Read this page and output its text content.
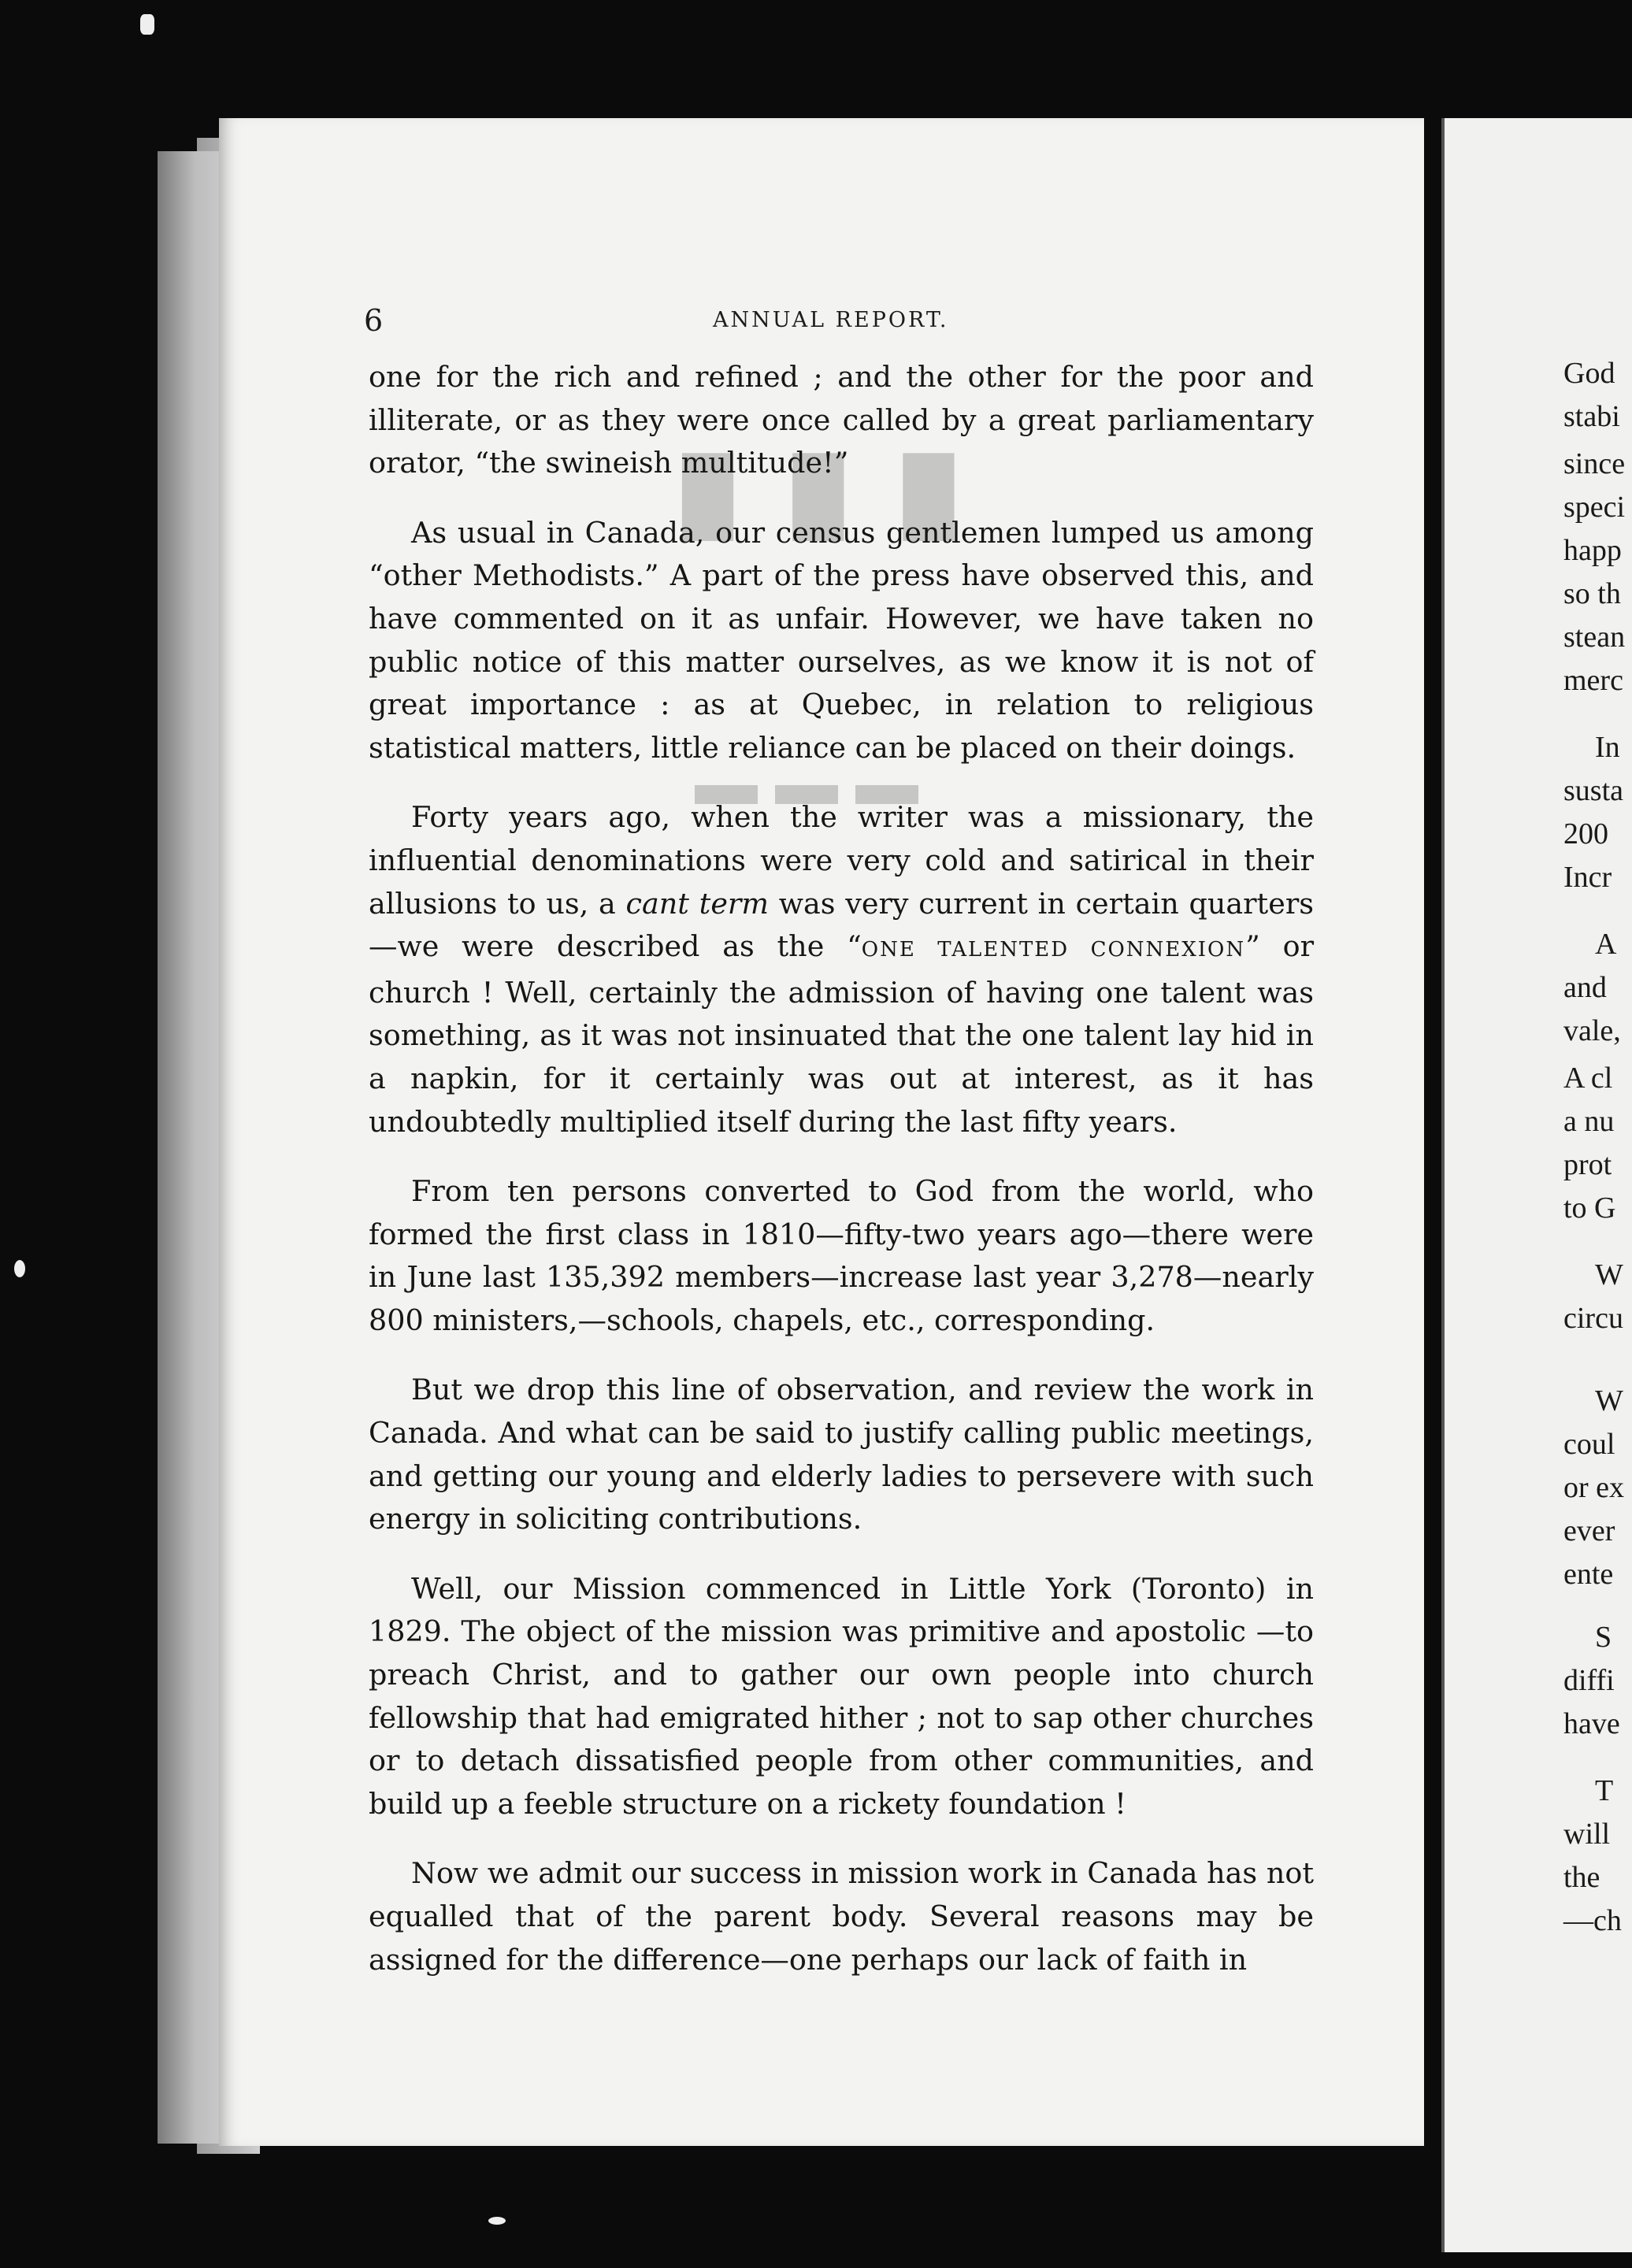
█ █ █
▬▬▬
God
stabi
since
speci
happ
so th
stean
merc
In
susta
200
Incr
A
and
vale,
A cl
a nu
prot
to G
W
circu
W
coul
or ex
ever
ente
S
diffi
have
T
will
the
—ch
6	ANNUAL REPORT.

one for the rich and refined ; and the other for the poor and illiterate, or as they were once called by a great parliamentary orator, “the swineish multitude!”

As usual in Canada, our census gentlemen lumped us among “other Methodists.” A part of the press have observed this, and have commented on it as unfair. However, we have taken no public notice of this matter ourselves, as we know it is not of great importance : as at Quebec, in relation to religious statistical matters, little reliance can be placed on their doings.

Forty years ago, when the writer was a missionary, the influential denominations were very cold and satirical in their allusions to us, a cant term was very current in certain quarters —we were described as the “ONE TALENTED CONNEXION” or church ! Well, certainly the admission of having one talent was something, as it was not insinuated that the one talent lay hid in a napkin, for it certainly was out at interest, as it has undoubtedly multiplied itself during the last fifty years.

From ten persons converted to God from the world, who formed the first class in 1810—fifty-two years ago—there were in June last 135,392 members—increase last year 3,278—nearly 800 ministers,—schools, chapels, etc., corresponding.

But we drop this line of observation, and review the work in Canada. And what can be said to justify calling public meetings, and getting our young and elderly ladies to persevere with such energy in soliciting contributions.

Well, our Mission commenced in Little York (Toronto) in 1829. The object of the mission was primitive and apostolic —to preach Christ, and to gather our own people into church fellowship that had emigrated hither ; not to sap other churches or to detach dissatisfied people from other communities, and build up a feeble structure on a rickety foundation !

Now we admit our success in mission work in Canada has not equalled that of the parent body. Several reasons may be assigned for the difference—one perhaps our lack of faith in
